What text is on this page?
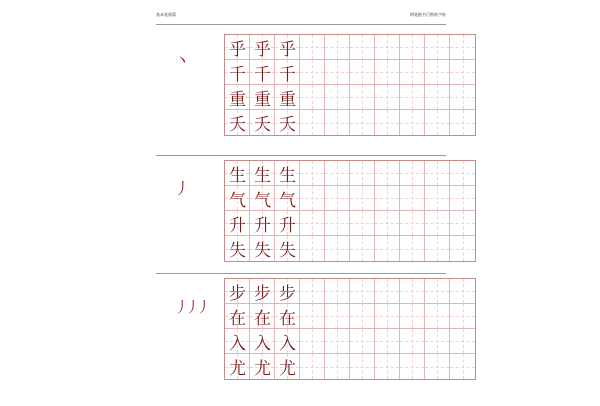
基本笔画篇	钢笔楷书行楷练字帖
丶
乎 乎 乎
千 千 千
重 重 重
夭 夭 夭
丿
生 生 生
气 气 气
升 升 升
失 失 失
丿丿丿
步 步 步
在 在 在
入 入 入
尤 尤 尤
